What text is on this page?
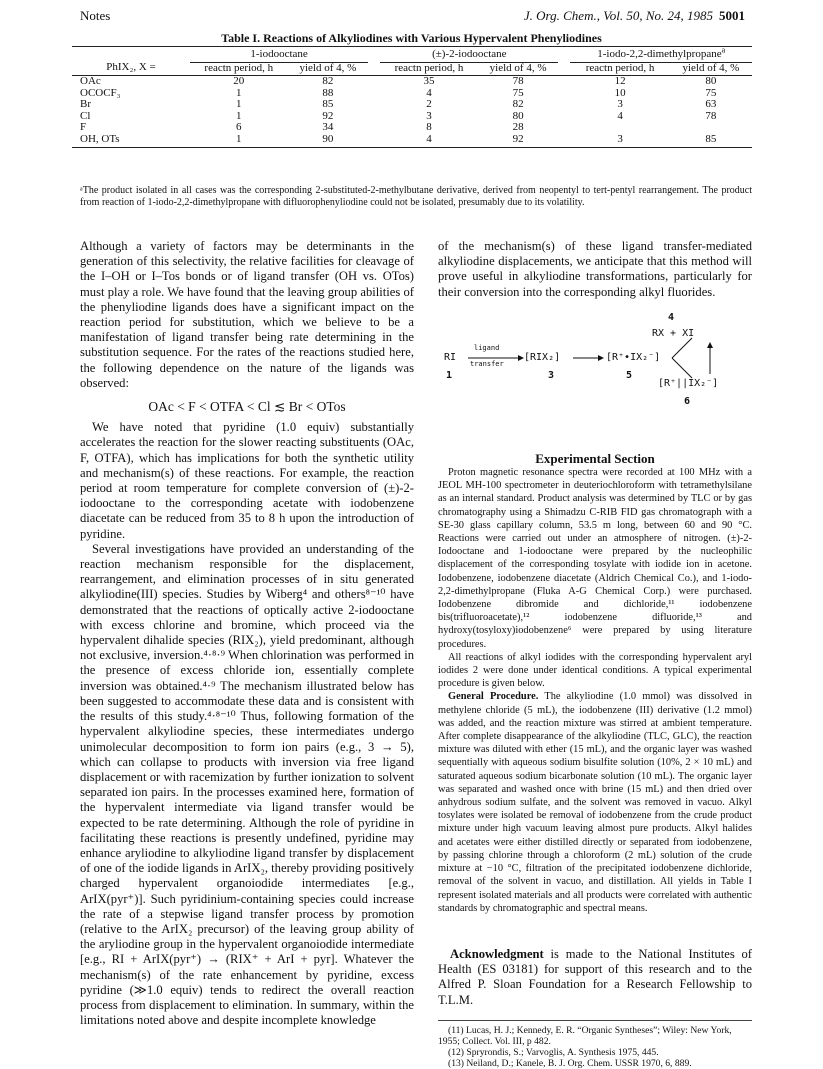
Notes	J. Org. Chem., Vol. 50, No. 24, 1985 5001
Table I. Reactions of Alkyliodines with Various Hypervalent Phenyliodines
	1-iodooctane			(±)-2-iodooctane			1-iodo-2,2-dimethylpropane$^a$
PhIX₂, X =	reactn period, h	yield of 4, %		reactn period, h	yield of 4, %		reactn period, h	yield of 4, %
OAc	20	82		35	78		12	80
OCOCF₃	1	88		4	75		10	75
Br	1	85		2	82		3	63
Cl	1	92		3	80		4	78
F	6	34		8	28			
OH, OTs	1	90		4	92		3	85
ᵃThe product isolated in all cases was the corresponding 2-substituted-2-methylbutane derivative, derived from neopentyl to tert-pentyl rearrangement. The product from reaction of 1-iodo-2,2-dimethylpropane with difluorophenyliodine could not be isolated, presumably due to its volatility.

Although a variety of factors may be determinants in the generation of this selectivity, the relative facilities for cleavage of the I–OH or I–Tos bonds or of ligand transfer (OH vs. OTos) must play a role. We have found that the leaving group abilities of the phenyliodine ligands does have a significant impact on the reaction period for substitution, which we believe to be a manifestation of ligand transfer being rate determining in the substitution sequence. For the rates of the reactions studied here, the following dependence on the nature of the ligands was observed:

OAc < F < OTFA < Cl ≲ Br < OTos

We have noted that pyridine (1.0 equiv) substantially accelerates the reaction for the slower reacting substituents (OAc, F, OTFA), which has implications for both the synthetic utility and mechanism(s) of these reactions. For example, the reaction period at room temperature for complete conversion of (±)-2-iodooctane to the corresponding acetate with iodobenzene diacetate can be reduced from 35 to 8 h upon the introduction of pyridine.

Several investigations have provided an understanding of the reaction mechanism responsible for the displacement, rearrangement, and elimination processes of in situ generated alkyliodine(III) species. Studies by Wiberg⁴ and others⁸⁻¹⁰ have demonstrated that the reactions of optically active 2-iodooctane with excess chlorine and bromine, which proceed via the hypervalent dihalide species (RIX₂), yield predominant, although not exclusive, inversion.⁴·⁸·⁹ When chlorination was performed in the presence of excess chloride ion, essentially complete inversion was obtained.⁴·⁹ The mechanism illustrated below has been suggested to accommodate these data and is consistent with the results of this study.⁴·⁸⁻¹⁰ Thus, following formation of the hypervalent alkyliodine species, these intermediates undergo unimolecular decomposition to form ion pairs (e.g., 3 → 5), which can collapse to products with inversion via free ligand displacement or with racemization by further ionization to solvent separated ion pairs. In the processes examined here, formation of the hypervalent intermediate via ligand transfer would be expected to be rate determining. Although the role of pyridine in facilitating these reactions is presently undefined, pyridine may enhance aryliodine to alkyliodine ligand transfer by displacement of one of the iodide ligands in ArIX₂, thereby providing positively charged hypervalent organoiodide intermediates [e.g., ArIX(pyr⁺)]. Such pyridinium-containing species could increase the rate of a stepwise ligand transfer process by promotion (relative to the ArIX₂ precursor) of the leaving group ability of the aryliodine group in the hypervalent organoiodide intermediate [e.g., RI + ArIX(pyr⁺) → (RIX⁺ + ArI + pyr]. Whatever the mechanism(s) of the rate enhancement by pyridine, excess pyridine (≫1.0 equiv) tends to redirect the overall reaction process from displacement to elimination. In summary, within the limitations noted above and despite incomplete knowledge

of the mechanism(s) of these ligand transfer-mediated alkyliodine displacements, we anticipate that this method will prove useful in alkyliodine transformations, particularly for their conversion into the corresponding alkyl fluorides.

4
RX + XI
RI
ligand
transfer
[RIX₂]	[R⁺•IX₂⁻]
[R⁺||IX₂⁻]
1	3	5
6
Experimental Section

Proton magnetic resonance spectra were recorded at 100 MHz with a JEOL MH-100 spectrometer in deuteriochloroform with tetramethylsilane as an internal standard. Product analysis was determined by TLC or by gas chromatography using a Shimadzu C-RIB FID gas chromatograph with a SE-30 glass capillary column, 53.5 m long, between 60 and 90 °C. Reactions were carried out under an atmosphere of nitrogen. (±)-2-Iodooctane and 1-iodooctane were prepared by the nucleophilic displacement of the corresponding tosylate with iodide ion in acetone. Iodobenzene, iodobenzene diacetate (Aldrich Chemical Co.), and 1-iodo-2,2-dimethylpropane (Fluka A-G Chemical Corp.) were purchased. Iodobenzene dibromide and dichloride,¹¹ iodobenzene bis(trifluoroacetate),¹² iodobenzene difluoride,¹³ and hydroxy(tosyloxy)iodobenzene⁶ were prepared by using literature procedures.

All reactions of alkyl iodides with the corresponding hypervalent aryl iodides 2 were done under identical conditions. A typical experimental procedure is given below.

General Procedure. The alkyliodine (1.0 mmol) was dissolved in methylene chloride (5 mL), the iodobenzene (III) derivative (1.2 mmol) was added, and the reaction mixture was stirred at ambient temperature. After complete disappearance of the alkyliodine (TLC, GLC), the reaction mixture was diluted with ether (15 mL), and the organic layer was washed sequentially with aqueous sodium bisulfite solution (10%, 2 × 10 mL) and saturated aqueous sodium bicarbonate solution (10 mL). The organic layer was separated and washed once with brine (15 mL) and then dried over anhydrous sodium sulfate, and the solvent was removed in vacuo. Alkyl tosylates were isolated be removal of iodobenzene from the crude product mixture under high vacuum leaving almost pure products. Alkyl halides and acetates were either distilled directly or separated from iodobenzene, by passing chlorine through a chloroform (2 mL) solution of the crude mixture at −10 °C, filtration of the precipitated iodobenzene dichloride, removal of the solvent in vacuo, and distillation. All yields in Table I represent isolated materials and all products were correlated with authentic standards by chromatographic and spectral means.

Acknowledgment is made to the National Institutes of Health (ES 03181) for support of this research and to the Alfred P. Sloan Foundation for a Research Fellowship to T.L.M.

(11) Lucas, H. J.; Kennedy, E. R. “Organic Syntheses”; Wiley: New York, 1955; Collect. Vol. III, p 482.

(12) Spryrondis, S.; Varvoglis, A. Synthesis 1975, 445.

(13) Neiland, D.; Kanele, B. J. Org. Chem. USSR 1970, 6, 889.
